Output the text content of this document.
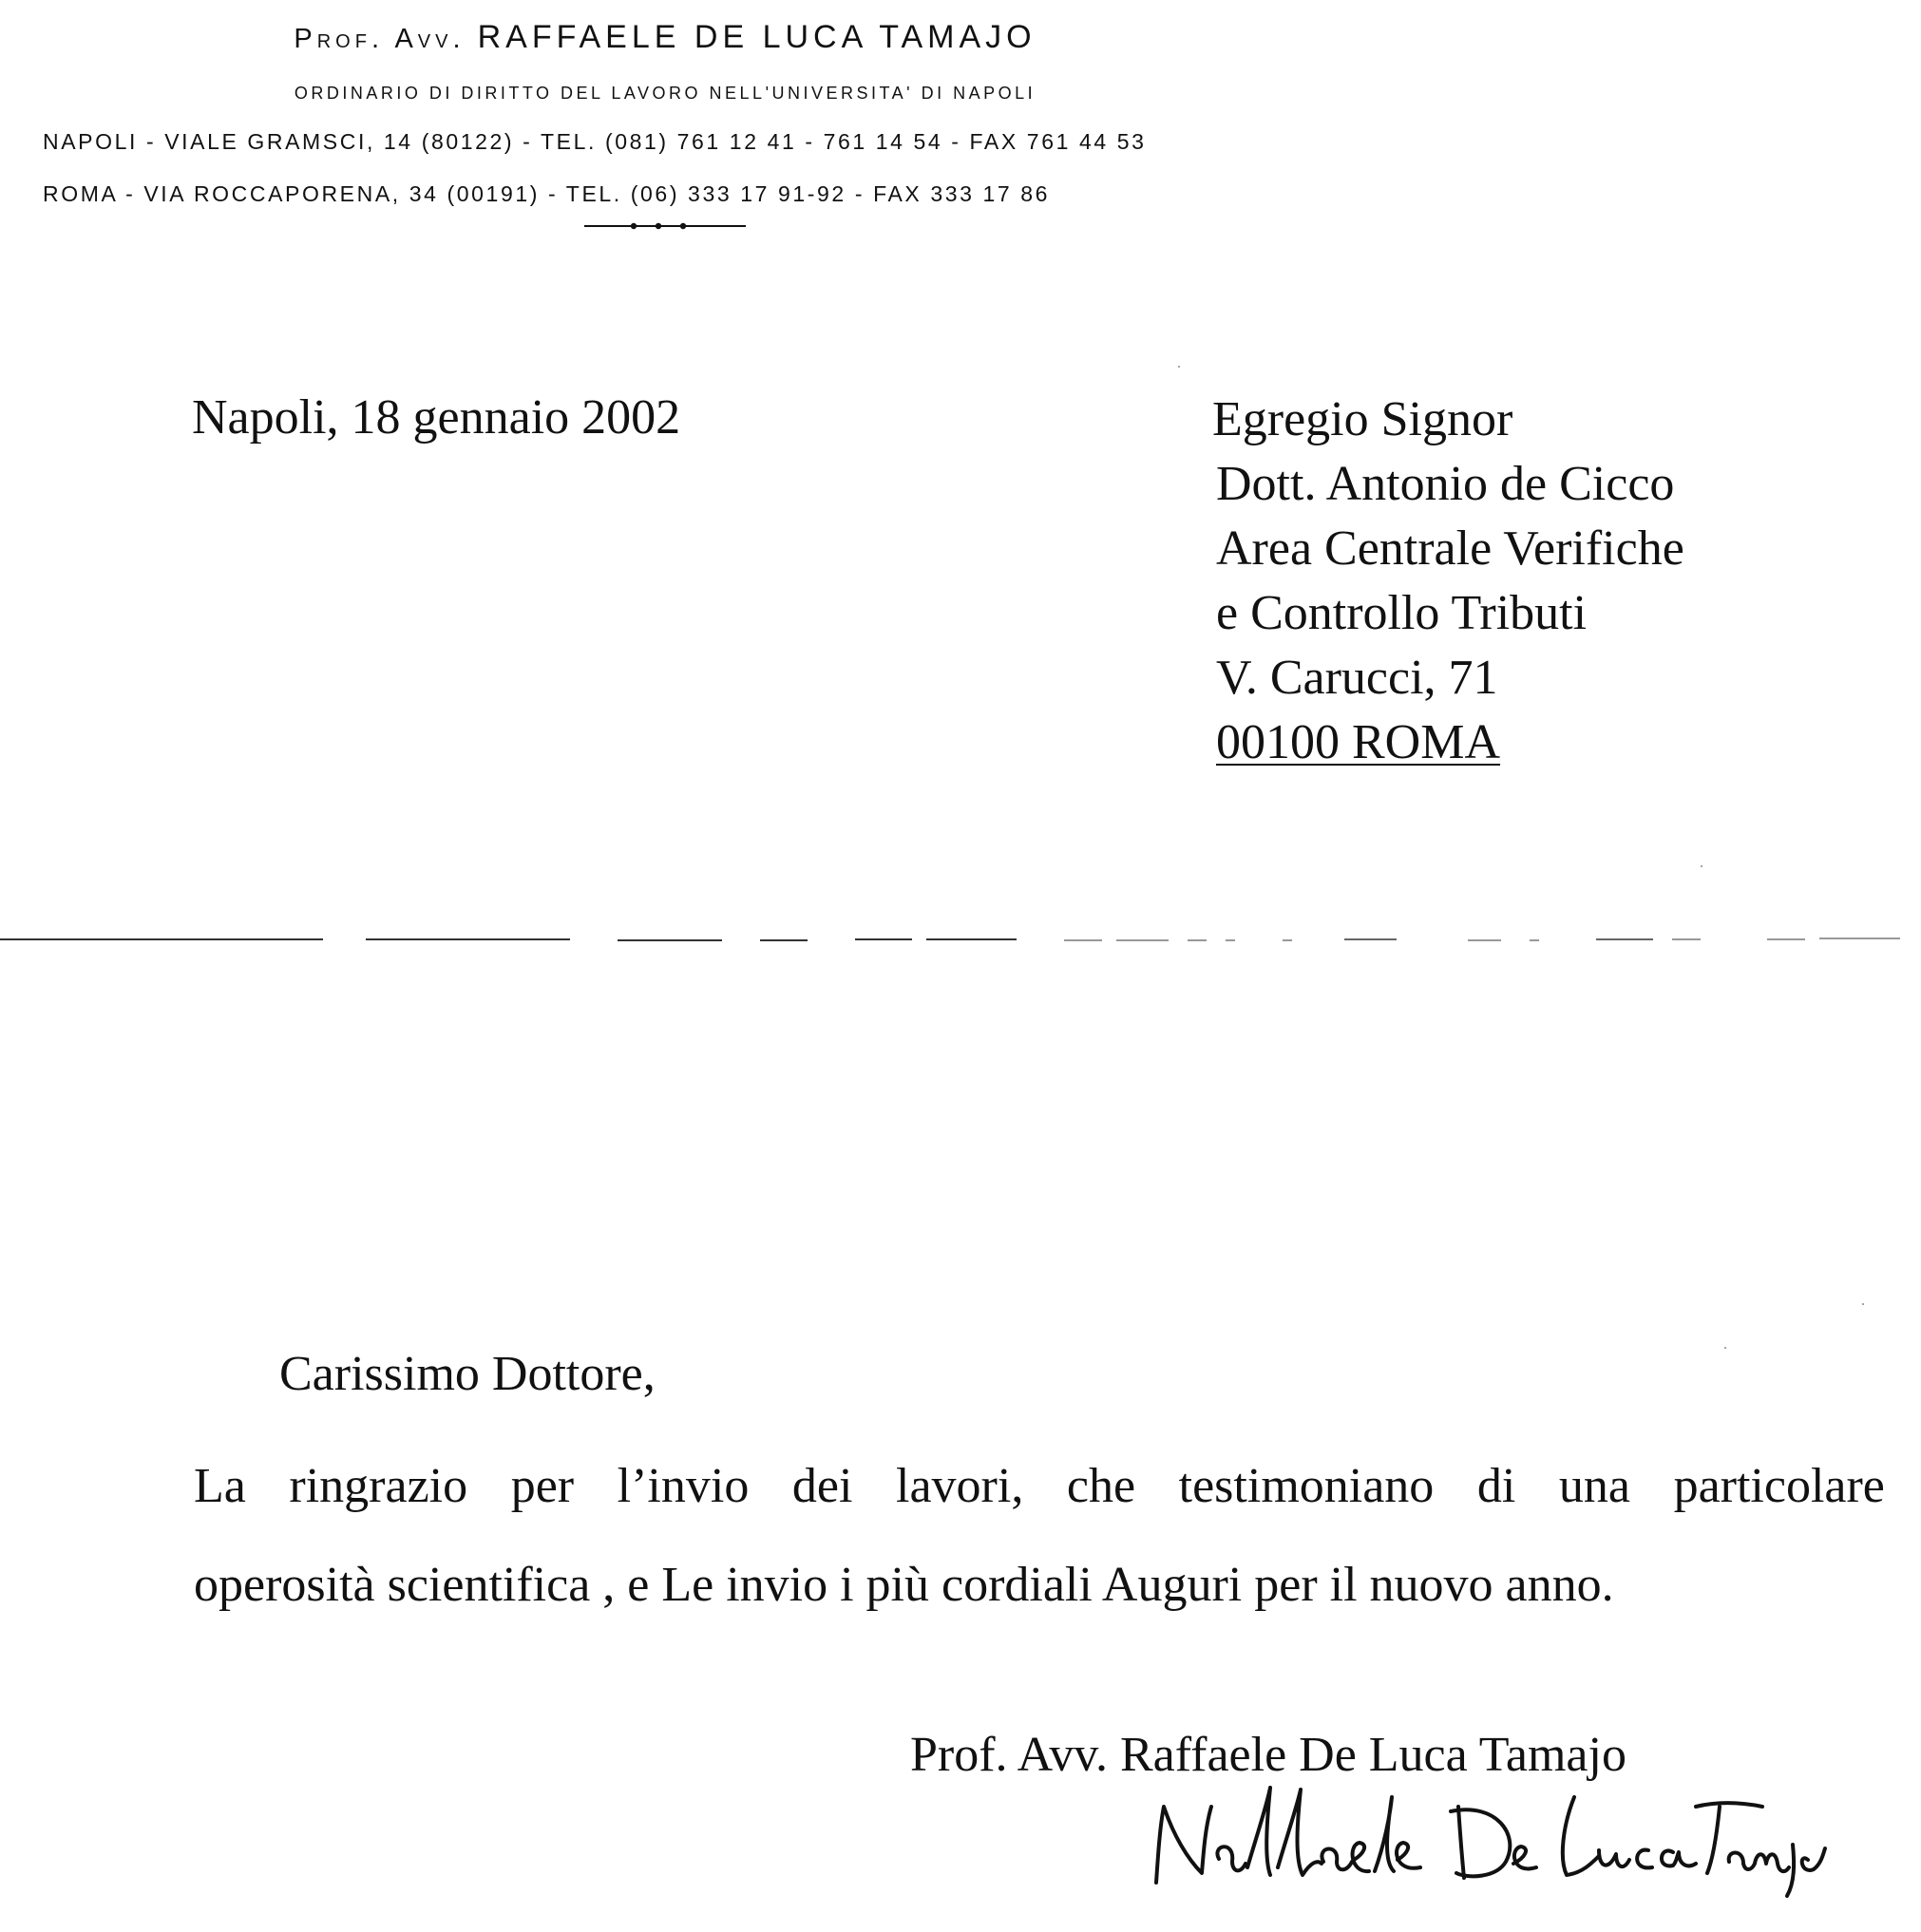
Prof. Avv. RAFFAELE DE LUCA TAMAJO
ORDINARIO DI DIRITTO DEL LAVORO NELL'UNIVERSITA' DI NAPOLI
NAPOLI - VIALE GRAMSCI, 14 (80122) - TEL. (081) 761 12 41 - 761 14 54 - FAX 761 44 53
ROMA - VIA ROCCAPORENA, 34 (00191) - TEL. (06) 333 17 91-92 - FAX 333 17 86
Napoli, 18 gennaio 2002	Egregio Signor
Dott. Antonio de Cicco
Area Centrale Verifiche
e Controllo Tributi
V. Carucci, 71
00100 ROMA
Carissimo Dottore,
La ringrazio per l’invio dei lavori, che testimoniano di una particolare
operosità scientifica , e Le invio i più cordiali Auguri per il nuovo anno.
Prof. Avv. Raffaele De Luca Tamajo
